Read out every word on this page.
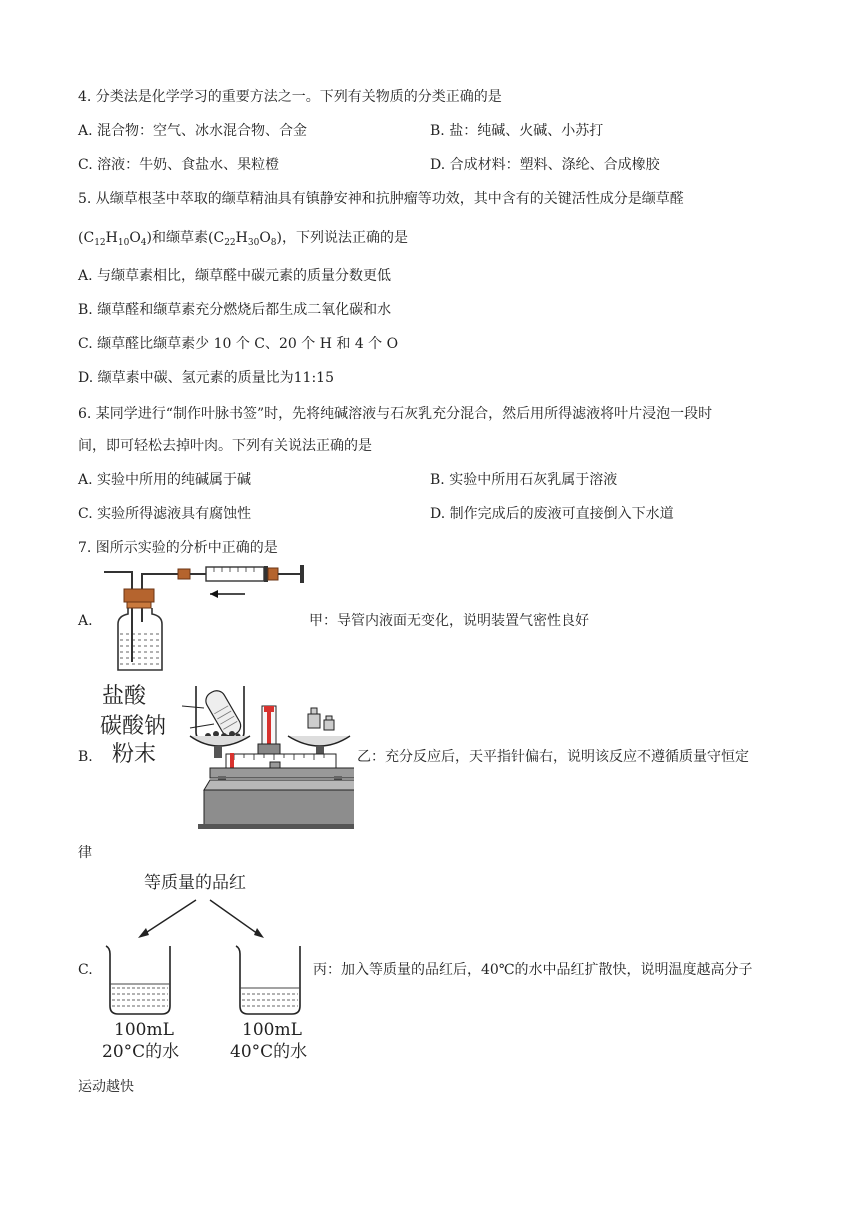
4. 分类法是化学学习的重要方法之一。下列有关物质的分类正确的是
A. 混合物：空气、冰水混合物、合金	B. 盐：纯碱、火碱、小苏打
C. 溶液：牛奶、食盐水、果粒橙	D. 合成材料：塑料、涤纶、合成橡胶
5. 从缬草根茎中萃取的缬草精油具有镇静安神和抗肿瘤等功效，其中含有的关键活性成分是缬草醛
$(C_{12}H_{10}O_4)$和缬草素$(C_{22}H_{30}O_8)$，下列说法正确的是
A. 与缬草素相比，缬草醛中碳元素的质量分数更低
B. 缬草醛和缬草素充分燃烧后都生成二氧化碳和水
C. 缬草醛比缬草素少 10 个 C、20 个 H 和 4 个 O
D. 缬草素中碳、氢元素的质量比为11:15
6. 某同学进行“制作叶脉书签”时，先将纯碱溶液与石灰乳充分混合，然后用所得滤液将叶片浸泡一段时
间，即可轻松去掉叶肉。下列有关说法正确的是
A. 实验中所用的纯碱属于碱	B. 实验中所用石灰乳属于溶液
C. 实验所得滤液具有腐蚀性	D. 制作完成后的废液可直接倒入下水道
7. 图所示实验的分析中正确的是
A.	甲：导管内液面无变化，说明装置气密性良好
B.
盐酸
碳酸钠
粉末	乙：充分反应后，天平指针偏右，说明该反应不遵循质量守恒定
律
C.
等质量的品红
100mL
20°C的水
100mL
40°C的水
丙：加入等质量的品红后，40℃的水中品红扩散快，说明温度越高分子
运动越快
